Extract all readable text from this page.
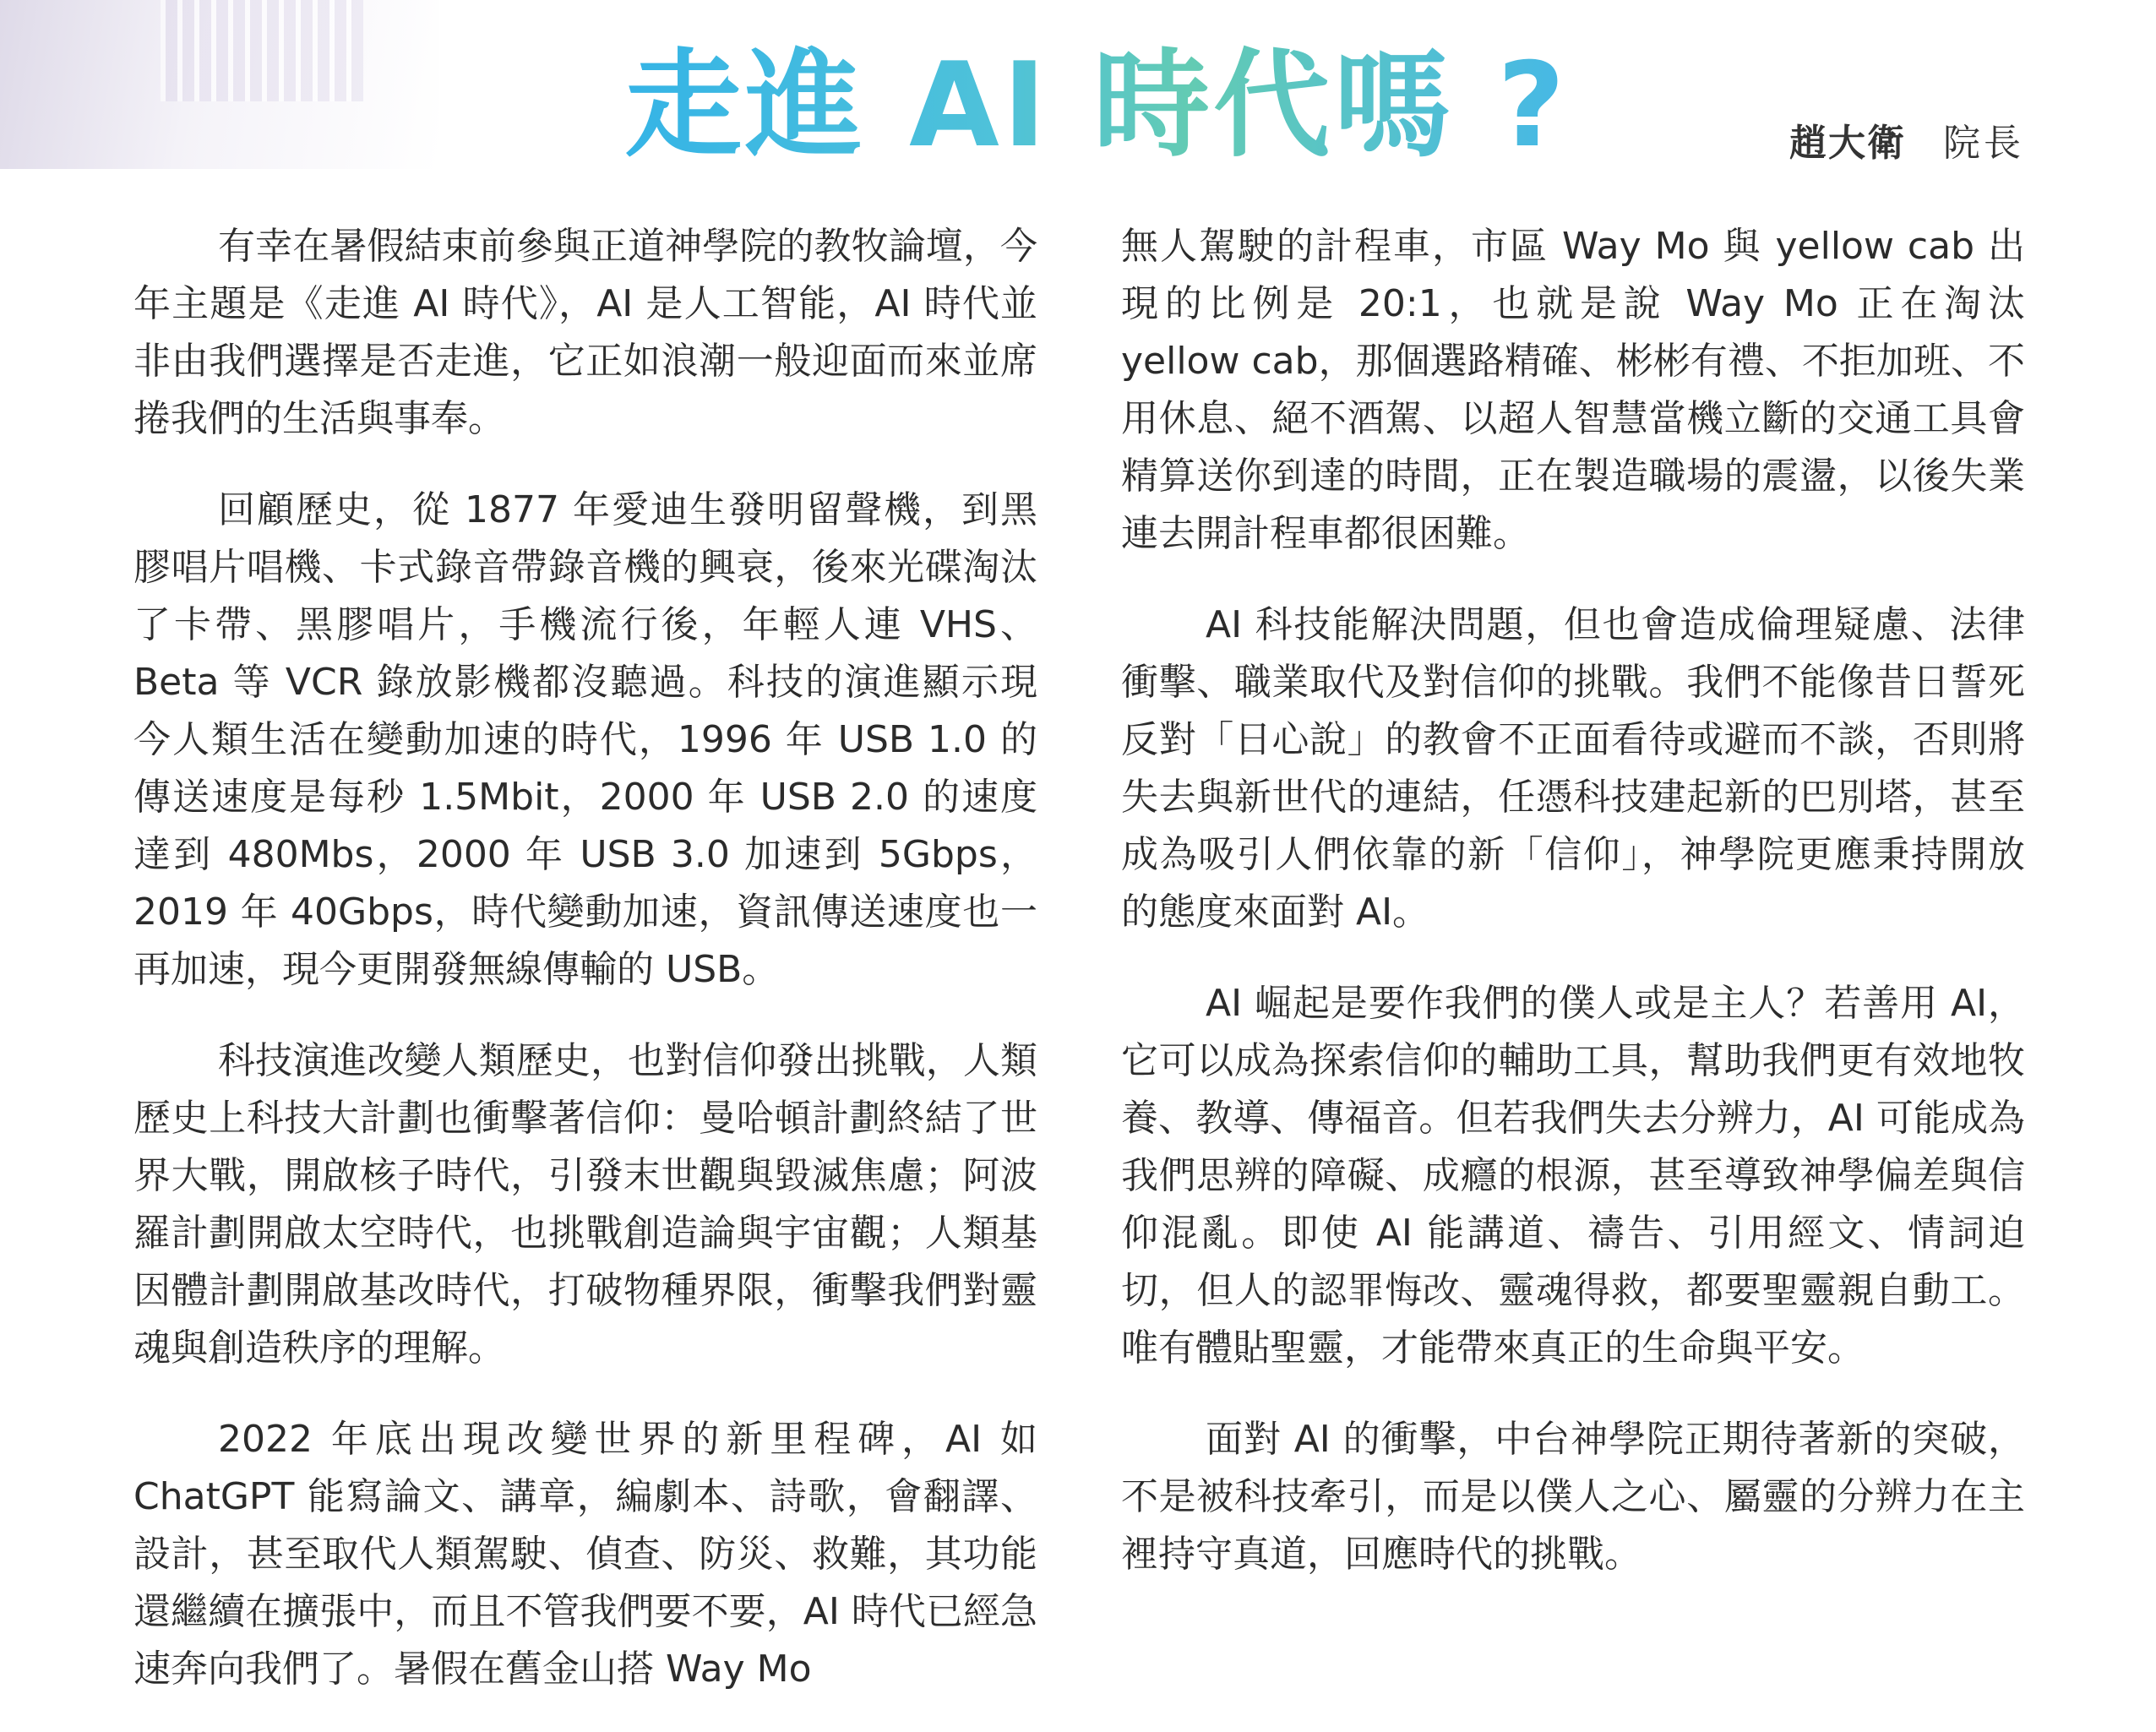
走進 AI 時代嗎 ?	趙大衛 院長

有幸在暑假結束前參與正道神學院的教牧論壇，今年主題是《走進 AI 時代》，AI 是人工智能，AI 時代並非由我們選擇是否走進，它正如浪潮一般迎面而來並席捲我們的生活與事奉。

回顧歷史，從 1877 年愛迪生發明留聲機，到黑膠唱片唱機、卡式錄音帶錄音機的興衰，後來光碟淘汰了卡帶、黑膠唱片，手機流行後，年輕人連 VHS、Beta 等 VCR 錄放影機都沒聽過。科技的演進顯示現今人類生活在變動加速的時代，1996 年 USB 1.0 的傳送速度是每秒 1.5Mbit，2000 年 USB 2.0 的速度達到 480Mbs，2000 年 USB 3.0 加速到 5Gbps，2019 年 40Gbps，時代變動加速，資訊傳送速度也一再加速，現今更開發無線傳輸的 USB。

科技演進改變人類歷史，也對信仰發出挑戰，人類歷史上科技大計劃也衝擊著信仰：曼哈頓計劃終結了世界大戰，開啟核子時代，引發末世觀與毀滅焦慮；阿波羅計劃開啟太空時代，也挑戰創造論與宇宙觀；人類基因體計劃開啟基改時代，打破物種界限，衝擊我們對靈魂與創造秩序的理解。

2022 年底出現改變世界的新里程碑，AI 如 ChatGPT 能寫論文、講章，編劇本、詩歌，會翻譯、設計，甚至取代人類駕駛、偵查、防災、救難，其功能還繼續在擴張中，而且不管我們要不要，AI 時代已經急速奔向我們了。暑假在舊金山搭 Way Mo

無人駕駛的計程車，市區 Way Mo 與 yellow cab 出現的比例是 20:1，也就是說 Way Mo 正在淘汰 yellow cab，那個選路精確、彬彬有禮、不拒加班、不用休息、絕不酒駕、以超人智慧當機立斷的交通工具會精算送你到達的時間，正在製造職場的震盪，以後失業連去開計程車都很困難。

AI 科技能解決問題，但也會造成倫理疑慮、法律衝擊、職業取代及對信仰的挑戰。我們不能像昔日誓死反對「日心說」的教會不正面看待或避而不談，否則將失去與新世代的連結，任憑科技建起新的巴別塔，甚至成為吸引人們依靠的新「信仰」，神學院更應秉持開放的態度來面對 AI。

AI 崛起是要作我們的僕人或是主人？若善用 AI，它可以成為探索信仰的輔助工具，幫助我們更有效地牧養、教導、傳福音。但若我們失去分辨力，AI 可能成為我們思辨的障礙、成癮的根源，甚至導致神學偏差與信仰混亂。即使 AI 能講道、禱告、引用經文、情詞迫切，但人的認罪悔改、靈魂得救，都要聖靈親自動工。唯有體貼聖靈，才能帶來真正的生命與平安。

面對 AI 的衝擊，中台神學院正期待著新的突破，不是被科技牽引，而是以僕人之心、屬靈的分辨力在主裡持守真道，回應時代的挑戰。
